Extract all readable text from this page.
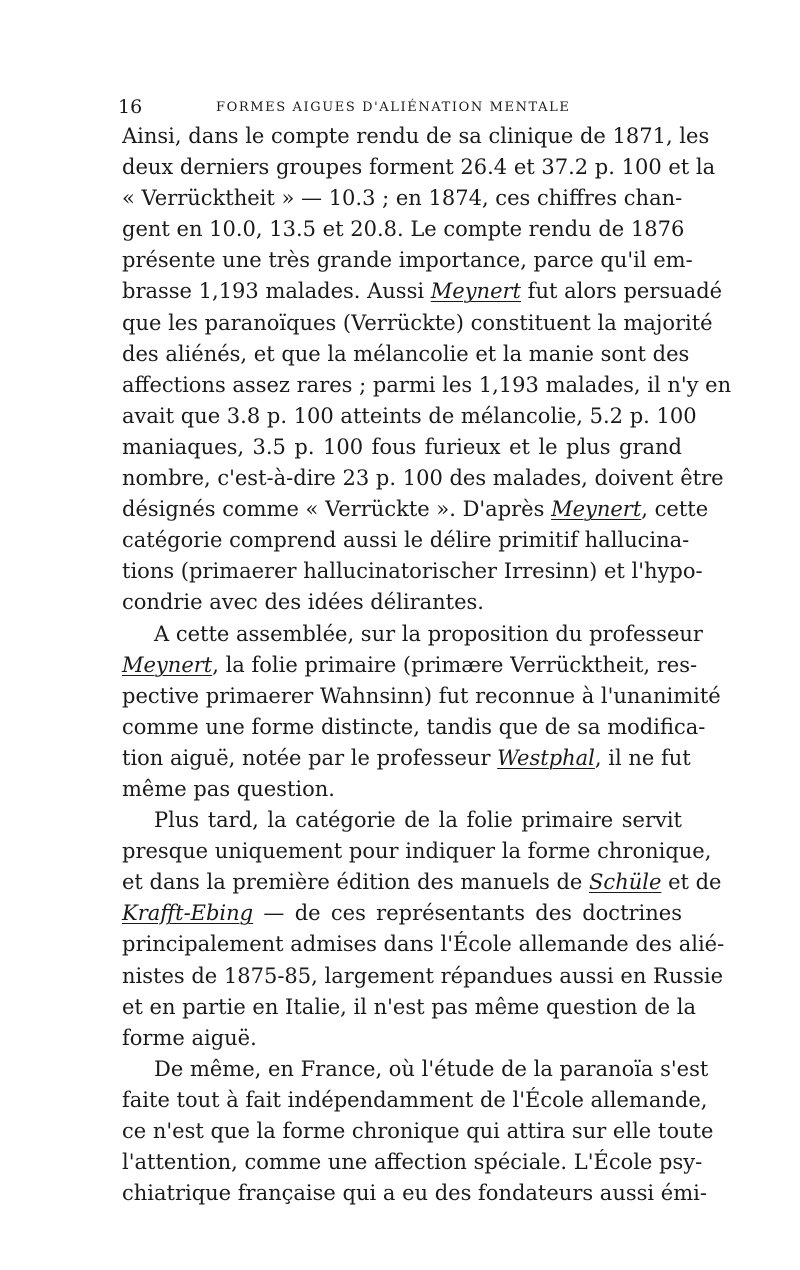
16	FORMES AIGUES D'ALIÉNATION MENTALE
Ainsi, dans le compte rendu de sa clinique de 1871, les
deux derniers groupes forment 26.4 et 37.2 p. 100 et la
« Verrücktheit » — 10.3 ; en 1874, ces chiffres chan-
gent en 10.0, 13.5 et 20.8. Le compte rendu de 1876
présente une très grande importance, parce qu'il em-
brasse 1,193 malades. Aussi Meynert fut alors persuadé
que les paranoïques (Verrückte) constituent la majorité
des aliénés, et que la mélancolie et la manie sont des
affections assez rares ; parmi les 1,193 malades, il n'y en
avait que 3.8 p. 100 atteints de mélancolie, 5.2 p. 100
maniaques, 3.5 p. 100 fous furieux et le plus grand
nombre, c'est-à-dire 23 p. 100 des malades, doivent être
désignés comme « Verrückte ». D'après Meynert, cette
catégorie comprend aussi le délire primitif hallucina-
tions (primaerer hallucinatorischer Irresinn) et l'hypo-
condrie avec des idées délirantes.
A cette assemblée, sur la proposition du professeur
Meynert, la folie primaire (primære Verrücktheit, res-
pective primaerer Wahnsinn) fut reconnue à l'unanimité
comme une forme distincte, tandis que de sa modifica-
tion aiguë, notée par le professeur Westphal, il ne fut
même pas question.
Plus tard, la catégorie de la folie primaire servit
presque uniquement pour indiquer la forme chronique,
et dans la première édition des manuels de Schüle et de
Krafft-Ebing — de ces représentants des doctrines
principalement admises dans l'École allemande des alié-
nistes de 1875-85, largement répandues aussi en Russie
et en partie en Italie, il n'est pas même question de la
forme aiguë.
De même, en France, où l'étude de la paranoïa s'est
faite tout à fait indépendamment de l'École allemande,
ce n'est que la forme chronique qui attira sur elle toute
l'attention, comme une affection spéciale. L'École psy-
chiatrique française qui a eu des fondateurs aussi émi-
